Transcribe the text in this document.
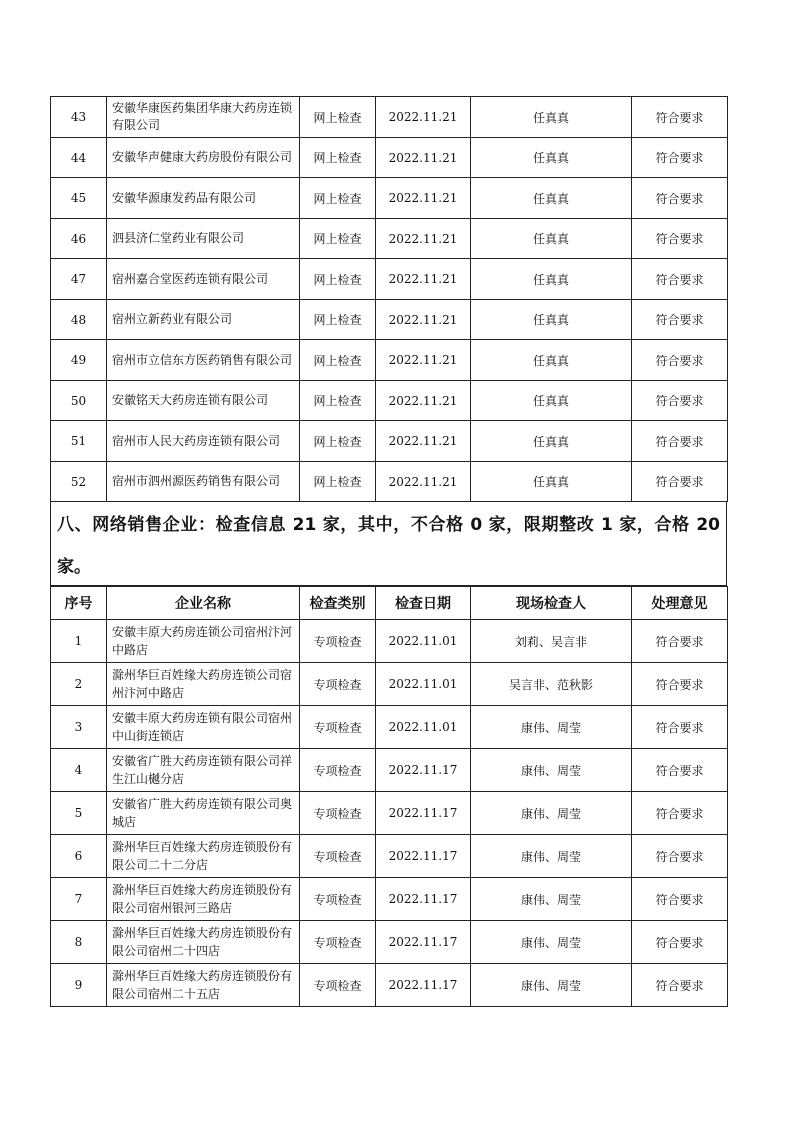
43	安徽华康医药集团华康大药房连锁有限公司	网上检查	2022.11.21	任真真	符合要求
44	安徽华声健康大药房股份有限公司	网上检查	2022.11.21	任真真	符合要求
45	安徽华源康发药品有限公司	网上检查	2022.11.21	任真真	符合要求
46	泗县济仁堂药业有限公司	网上检查	2022.11.21	任真真	符合要求
47	宿州嘉合堂医药连锁有限公司	网上检查	2022.11.21	任真真	符合要求
48	宿州立新药业有限公司	网上检查	2022.11.21	任真真	符合要求
49	宿州市立信东方医药销售有限公司	网上检查	2022.11.21	任真真	符合要求
50	安徽铭天大药房连锁有限公司	网上检查	2022.11.21	任真真	符合要求
51	宿州市人民大药房连锁有限公司	网上检查	2022.11.21	任真真	符合要求
52	宿州市泗州源医药销售有限公司	网上检查	2022.11.21	任真真	符合要求
八、网络销售企业：检查信息 21 家，其中，不合格 0 家，限期整改 1 家，合格 20 家。
序号	企业名称	检查类别	检查日期	现场检查人	处理意见
1	安徽丰原大药房连锁公司宿州汴河中路店	专项检查	2022.11.01	刘莉、吴言非	符合要求
2	滁州华巨百姓缘大药房连锁公司宿州汴河中路店	专项检查	2022.11.01	吴言非、范秋影	符合要求
3	安徽丰原大药房连锁有限公司宿州中山街连锁店	专项检查	2022.11.01	康伟、周莹	符合要求
4	安徽省广胜大药房连锁有限公司祥生江山樾分店	专项检查	2022.11.17	康伟、周莹	符合要求
5	安徽省广胜大药房连锁有限公司奥城店	专项检查	2022.11.17	康伟、周莹	符合要求
6	滁州华巨百姓缘大药房连锁股份有限公司二十二分店	专项检查	2022.11.17	康伟、周莹	符合要求
7	滁州华巨百姓缘大药房连锁股份有限公司宿州银河三路店	专项检查	2022.11.17	康伟、周莹	符合要求
8	滁州华巨百姓缘大药房连锁股份有限公司宿州二十四店	专项检查	2022.11.17	康伟、周莹	符合要求
9	滁州华巨百姓缘大药房连锁股份有限公司宿州二十五店	专项检查	2022.11.17	康伟、周莹	符合要求
